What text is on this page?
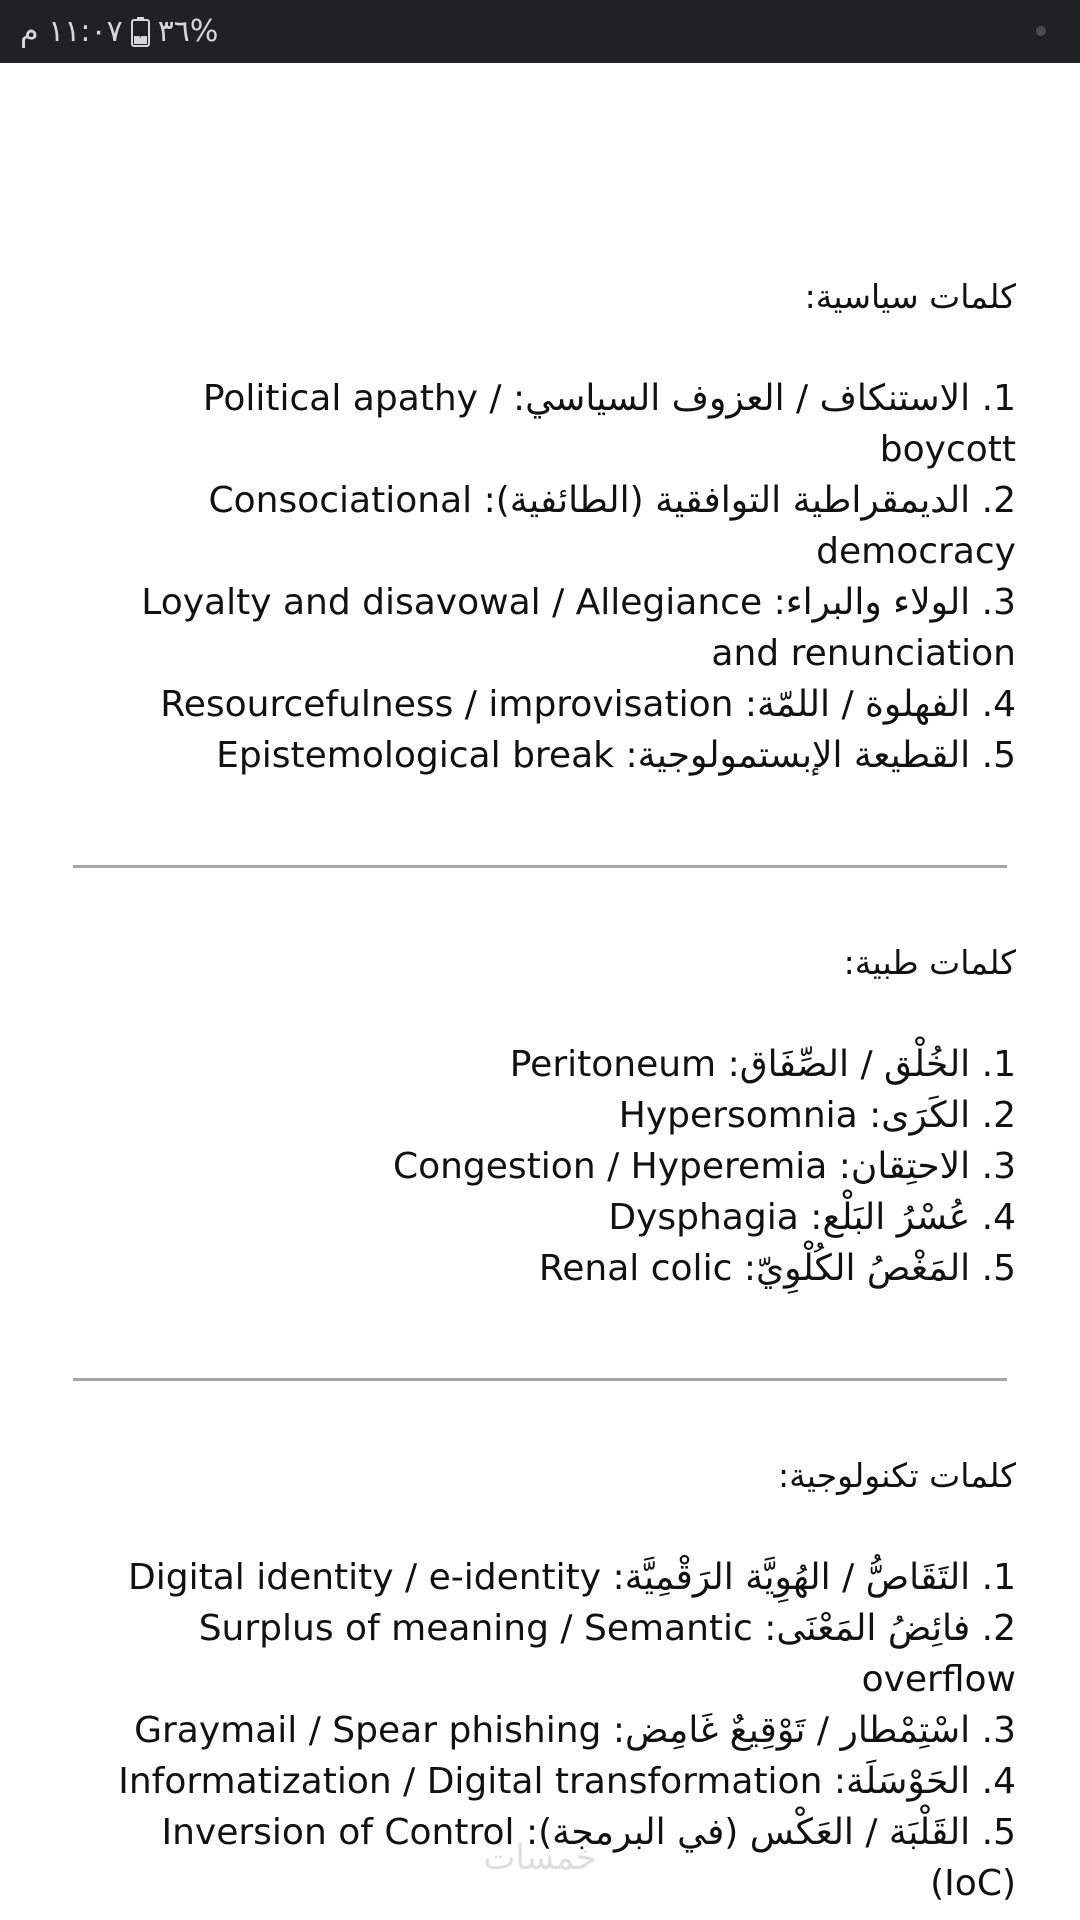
١١:٠٧ م ٣٦%
كلمات سياسية:
1. الاستنكاف / العزوف السياسي: Political apathy / boycott
2. الديمقراطية التوافقية (الطائفية): Consociational democracy
3. الولاء والبراء: Loyalty and disavowal / Allegiance and renunciation
4. الفهلوة / اللمّة: Resourcefulness / improvisation
5. القطيعة الإبستمولوجية: Epistemological break
كلمات طبية:
1. الخُلْق / الصِّفَاق: Peritoneum
2. الكَرَى: Hypersomnia
3. الاحتِقان: Congestion / Hyperemia
4. عُسْرُ البَلْع: Dysphagia
5. المَغْصُ الكُلْوِيّ: Renal colic
كلمات تكنولوجية:
1. التَقَاصُّ / الهُوِيَّة الرَقْمِيَّة: Digital identity / e-identity
2. فائِضُ المَعْنَى: Surplus of meaning / Semantic overflow
3. اسْتِمْطار / تَوْقِيعٌ غَامِض: Graymail / Spear phishing
4. الحَوْسَلَة: Informatization / Digital transformation
5. القَلْبَة / العَكْس (في البرمجة): Inversion of Control (IoC)
خمسات
